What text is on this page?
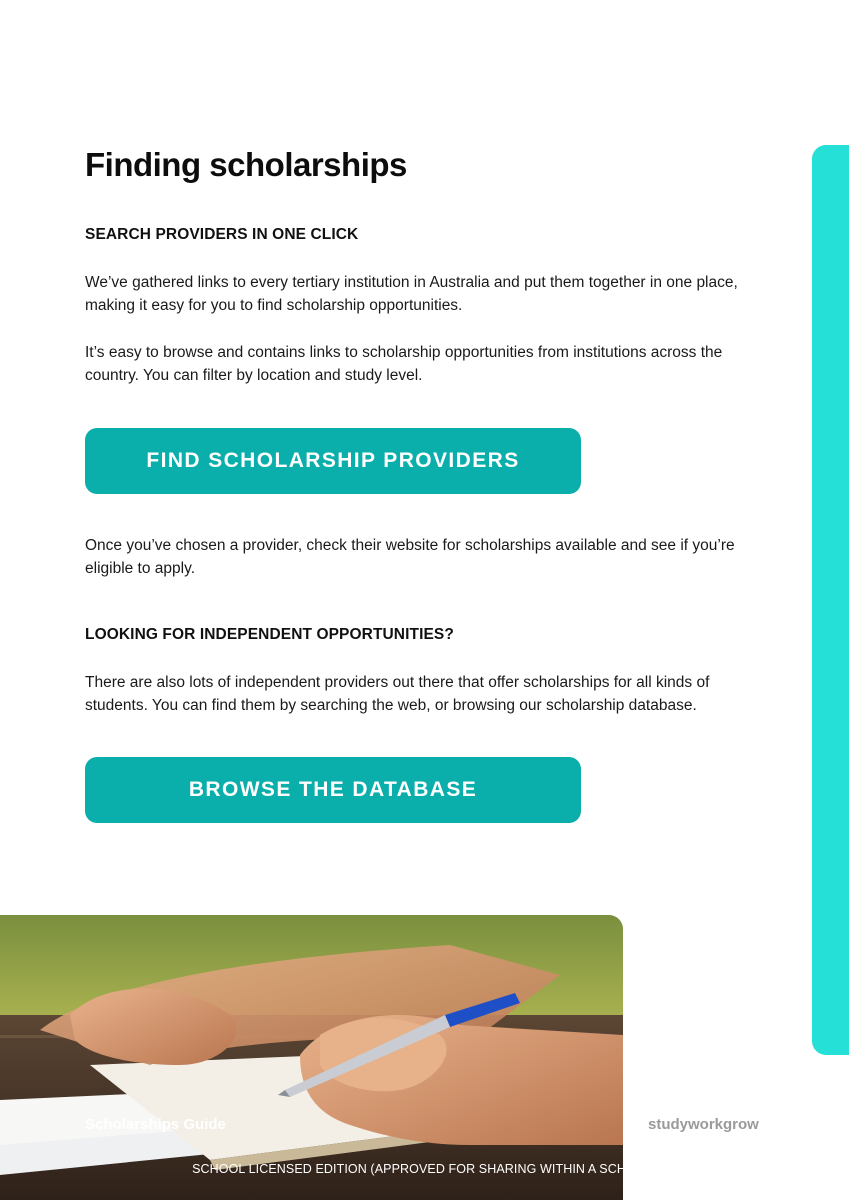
Finding scholarships
SEARCH PROVIDERS IN ONE CLICK

We’ve gathered links to every tertiary institution in Australia and put them together in one place, making it easy for you to find scholarship opportunities.

It’s easy to browse and contains links to scholarship opportunities from institutions across the country. You can filter by location and study level.

FIND SCHOLARSHIP PROVIDERS

Once you’ve chosen a provider, check their website for scholarships available and see if you’re eligible to apply.

LOOKING FOR INDEPENDENT OPPORTUNITIES?

There are also lots of independent providers out there that offer scholarships for all kinds of students. You can find them by searching the web, or browsing our scholarship database.

BROWSE THE DATABASE
Scholarships Guide	studyworkgrow
SCHOOL LICENSED EDITION (APPROVED FOR SHARING WITHIN A SCHOOL)
